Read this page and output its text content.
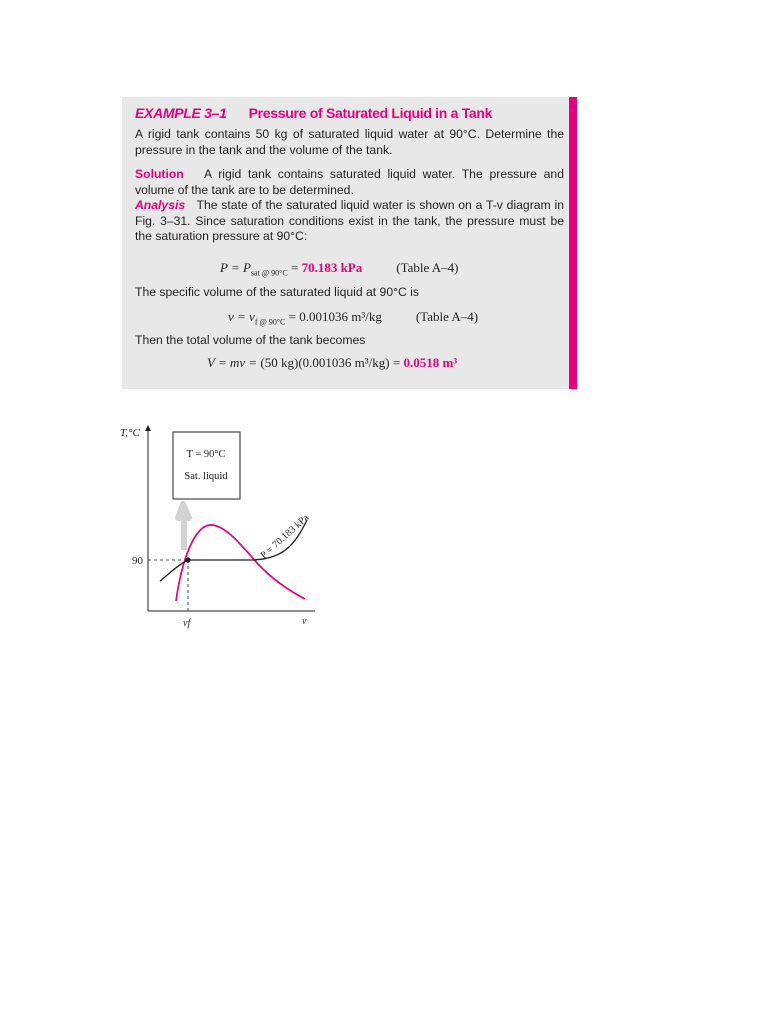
EXAMPLE 3–1 Pressure of Saturated Liquid in a Tank
A rigid tank contains 50 kg of saturated liquid water at 90°C. Determine the pressure in the tank and the volume of the tank.
Solution A rigid tank contains saturated liquid water. The pressure and volume of the tank are to be determined.
Analysis The state of the saturated liquid water is shown on a T-v diagram in Fig. 3–31. Since saturation conditions exist in the tank, the pressure must be the saturation pressure at 90°C:
$P = P_{sat @ 90^\circ C} = 70.183$ kPa	(Table A–4)
The specific volume of the saturated liquid at 90°C is
$v = v_{f @ 90^\circ C} = 0.001036$ m³/kg	(Table A–4)
Then the total volume of the tank becomes
V = mv = (50 kg)(0.001036 m³/kg) = 0.0518 m³
T,°C
v
90
vf
T = 90°C
Sat. liquid
P = 70.183 kPa
